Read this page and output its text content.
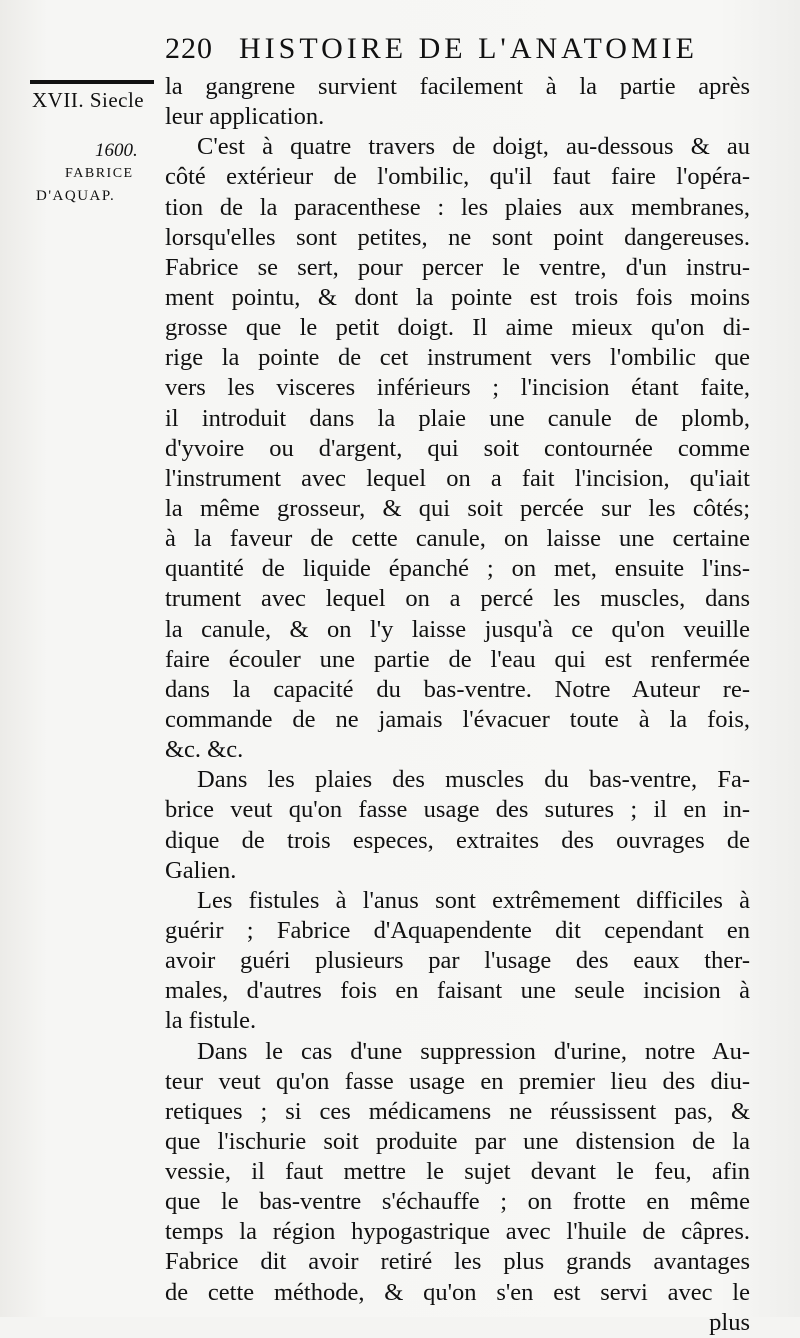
220 HISTOIRE DE L'ANATOMIE
XVII. Siecle
1600.
FABRICE
D'AQUAP.
la gangrene survient facilement à la partie après
leur application.
C'est à quatre travers de doigt, au-dessous & au
côté extérieur de l'ombilic, qu'il faut faire l'opéra-
tion de la paracenthese : les plaies aux membranes,
lorsqu'elles sont petites, ne sont point dangereuses.
Fabrice se sert, pour percer le ventre, d'un instru-
ment pointu, & dont la pointe est trois fois moins
grosse que le petit doigt. Il aime mieux qu'on di-
rige la pointe de cet instrument vers l'ombilic que
vers les visceres inférieurs ; l'incision étant faite,
il introduit dans la plaie une canule de plomb,
d'yvoire ou d'argent, qui soit contournée comme
l'instrument avec lequel on a fait l'incision, qu'iait
la même grosseur, & qui soit percée sur les côtés;
à la faveur de cette canule, on laisse une certaine
quantité de liquide épanché ; on met, ensuite l'ins-
trument avec lequel on a percé les muscles, dans
la canule, & on l'y laisse jusqu'à ce qu'on veuille
faire écouler une partie de l'eau qui est renfermée
dans la capacité du bas-ventre. Notre Auteur re-
commande de ne jamais l'évacuer toute à la fois,
&c. &c.
Dans les plaies des muscles du bas-ventre, Fa-
brice veut qu'on fasse usage des sutures ; il en in-
dique de trois especes, extraites des ouvrages de
Galien.
Les fistules à l'anus sont extrêmement difficiles à
guérir ; Fabrice d'Aquapendente dit cependant en
avoir guéri plusieurs par l'usage des eaux ther-
males, d'autres fois en faisant une seule incision à
la fistule.
Dans le cas d'une suppression d'urine, notre Au-
teur veut qu'on fasse usage en premier lieu des diu-
retiques ; si ces médicamens ne réussissent pas, &
que l'ischurie soit produite par une distension de la
vessie, il faut mettre le sujet devant le feu, afin
que le bas-ventre s'échauffe ; on frotte en même
temps la région hypogastrique avec l'huile de câpres.
Fabrice dit avoir retiré les plus grands avantages
de cette méthode, & qu'on s'en est servi avec le
plus
